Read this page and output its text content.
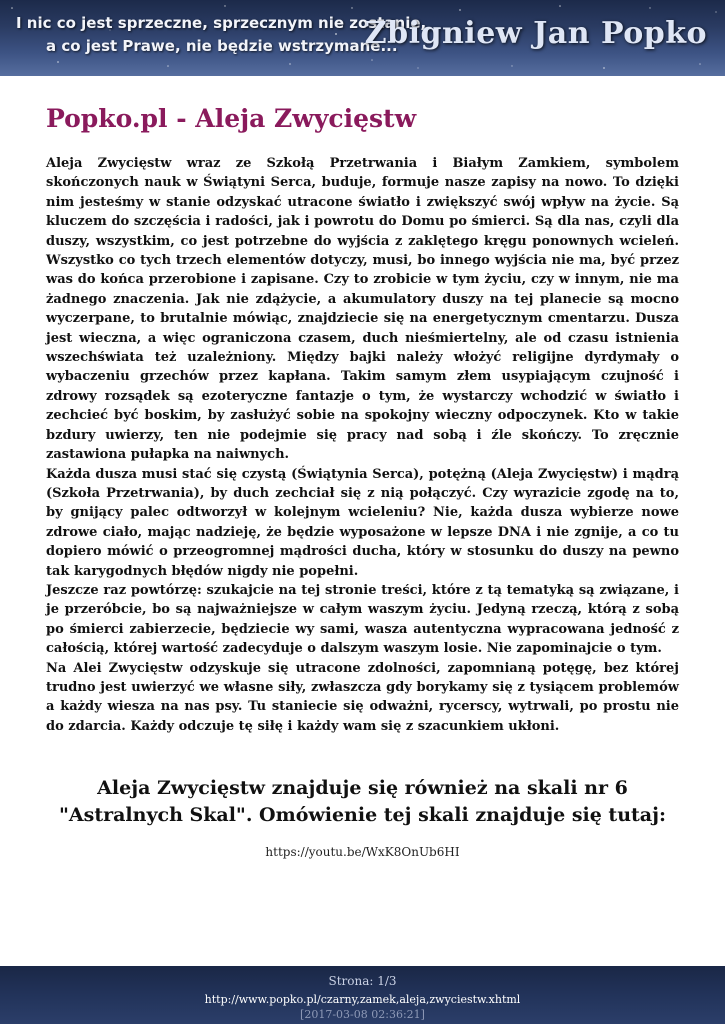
I nic co jest sprzeczne, sprzecznym nie zostanie,
a co jest Prawe, nie będzie wstrzymane...
Zbigniew Jan Popko
Popko.pl - Aleja Zwycięstw

Aleja Zwycięstw wraz ze Szkołą Przetrwania i Białym Zamkiem, symbolem skończonych nauk w Świątyni Serca, buduje, formuje nasze zapisy na nowo. To dzięki nim jesteśmy w stanie odzyskać utracone światło i zwiększyć swój wpływ na życie. Są kluczem do szczęścia i radości, jak i powrotu do Domu po śmierci. Są dla nas, czyli dla duszy, wszystkim, co jest potrzebne do wyjścia z zaklętego kręgu ponownych wcieleń. Wszystko co tych trzech elementów dotyczy, musi, bo innego wyjścia nie ma, być przez was do końca przerobione i zapisane. Czy to zrobicie w tym życiu, czy w innym, nie ma żadnego znaczenia. Jak nie zdążycie, a akumulatory duszy na tej planecie są mocno wyczerpane, to brutalnie mówiąc, znajdziecie się na energetycznym cmentarzu. Dusza jest wieczna, a więc ograniczona czasem, duch nieśmiertelny, ale od czasu istnienia wszechświata też uzależniony. Między bajki należy włożyć religijne dyrdymały o wybaczeniu grzechów przez kapłana. Takim samym złem usypiającym czujność i zdrowy rozsądek są ezoteryczne fantazje o tym, że wystarczy wchodzić w światło i zechcieć być boskim, by zasłużyć sobie na spokojny wieczny odpoczynek. Kto w takie bzdury uwierzy, ten nie podejmie się pracy nad sobą i źle skończy. To zręcznie zastawiona pułapka na naiwnych.

Każda dusza musi stać się czystą (Świątynia Serca), potężną (Aleja Zwycięstw) i mądrą (Szkoła Przetrwania), by duch zechciał się z nią połączyć. Czy wyrazicie zgodę na to, by gnijący palec odtworzył w kolejnym wcieleniu? Nie, każda dusza wybierze nowe zdrowe ciało, mając nadzieję, że będzie wyposażone w lepsze DNA i nie zgnije, a co tu dopiero mówić o przeogromnej mądrości ducha, który w stosunku do duszy na pewno tak karygodnych błędów nigdy nie popełni.

Jeszcze raz powtórzę: szukajcie na tej stronie treści, które z tą tematyką są związane, i je przeróbcie, bo są najważniejsze w całym waszym życiu. Jedyną rzeczą, którą z sobą po śmierci zabierzecie, będziecie wy sami, wasza autentyczna wypracowana jedność z całością, której wartość zadecyduje o dalszym waszym losie. Nie zapominajcie o tym.

Na Alei Zwycięstw odzyskuje się utracone zdolności, zapomnianą potęgę, bez której trudno jest uwierzyć we własne siły, zwłaszcza gdy borykamy się z tysiącem problemów a każdy wiesza na nas psy. Tu staniecie się odważni, rycerscy, wytrwali, po prostu nie do zdarcia. Każdy odczuje tę siłę i każdy wam się z szacunkiem ukłoni.

Aleja Zwycięstw znajduje się również na skali nr 6 "Astralnych Skal". Omówienie tej skali znajduje się tutaj:
https://youtu.be/WxK8OnUb6HI
Strona: 1/3
http://www.popko.pl/czarny,zamek,aleja,zwyciestw.xhtml
[2017-03-08 02:36:21]
